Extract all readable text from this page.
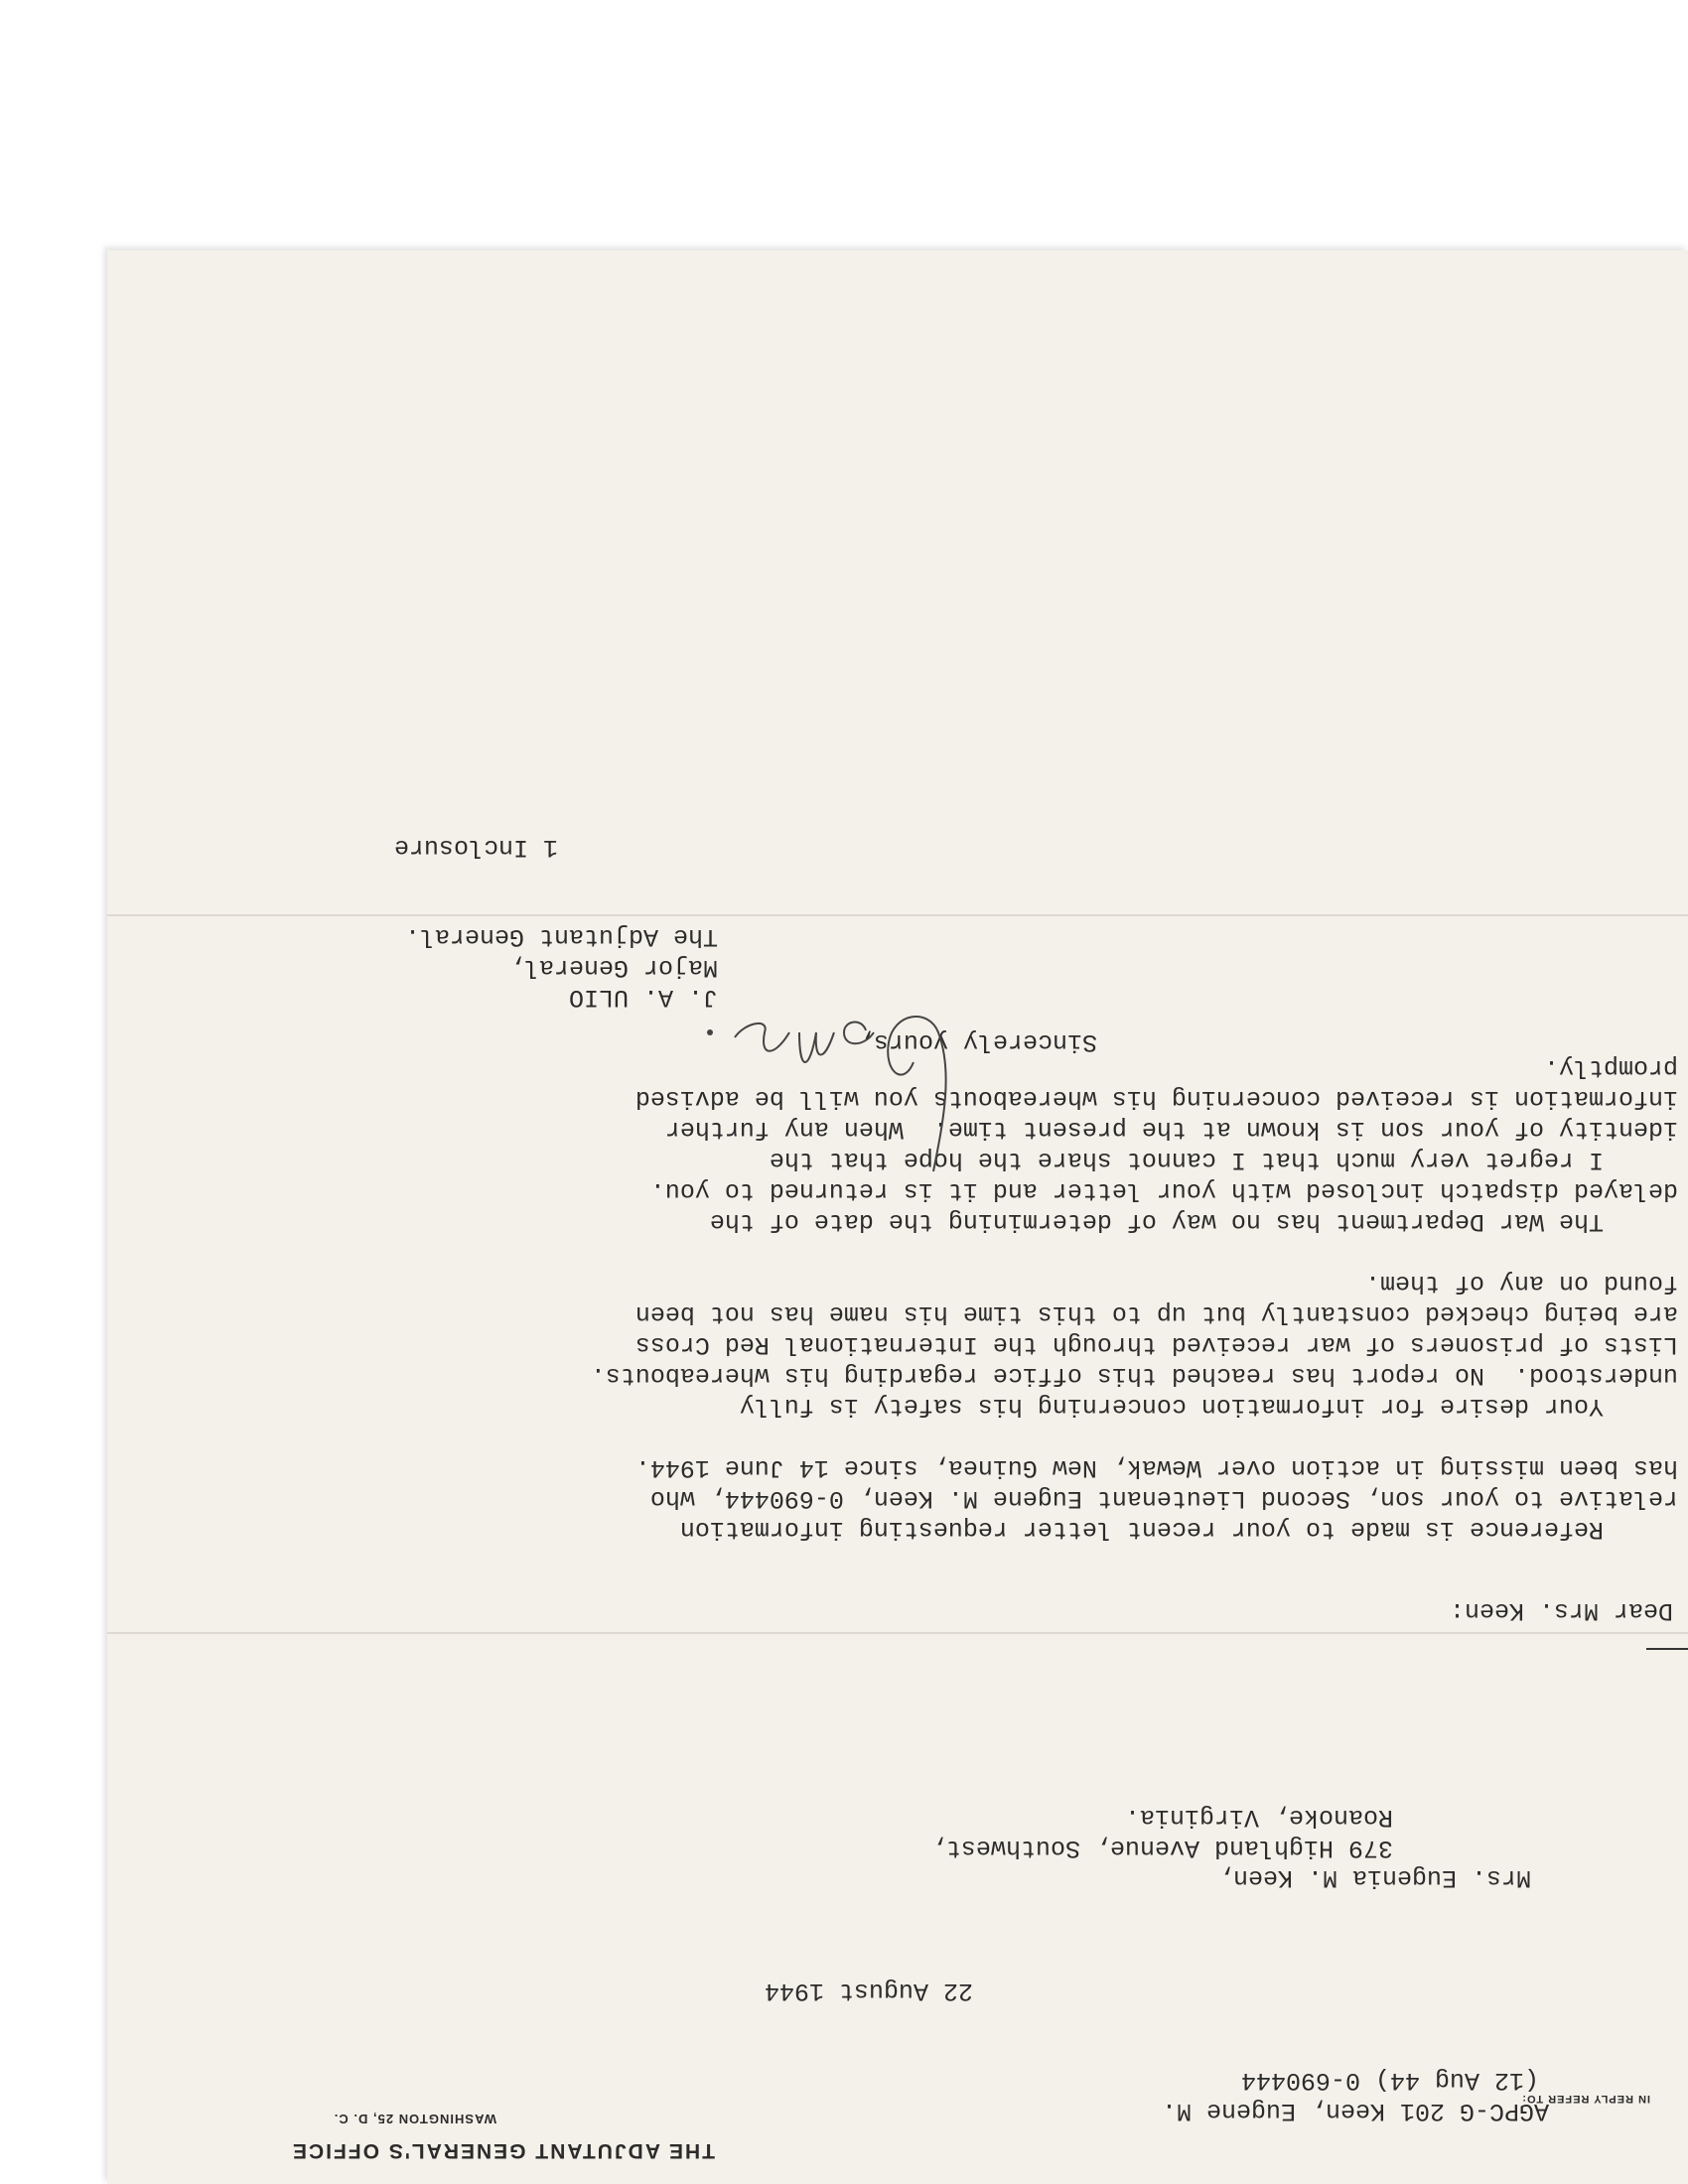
THE ADJUTANT GENERAL'S OFFICE
WASHINGTON 25, D. C.
IN REPLY REFER TO:
AGPC-G 201 Keen, Eugene M.
(12 Aug 44) 0-690444
22 August 1944
Mrs. Eugenia M. Keen,
379 Highland Avenue, Southwest,
Roanoke, Virginia.
Dear Mrs. Keen:
Reference is made to your recent letter requesting information
relative to your son, Second Lieutenant Eugene M. Keen, 0-690444, who
has been missing in action over Wewak, New Guinea, since 14 June 1944.
Your desire for information concerning his safety is fully
understood.  No report has reached this office regarding his whereabouts.
Lists of prisoners of war received through the International Red Cross
are being checked constantly but up to this time his name has not been
found on any of them.
The War Department has no way of determining the date of the
delayed dispatch inclosed with your letter and it is returned to you.
I regret very much that I cannot share the hope that the
identity of your son is known at the present time.  When any further
information is received concerning his whereabouts you will be advised
promptly.
Sincerely yours,
J. A. ULIO
Major General,
The Adjutant General.
1 Inclosure
